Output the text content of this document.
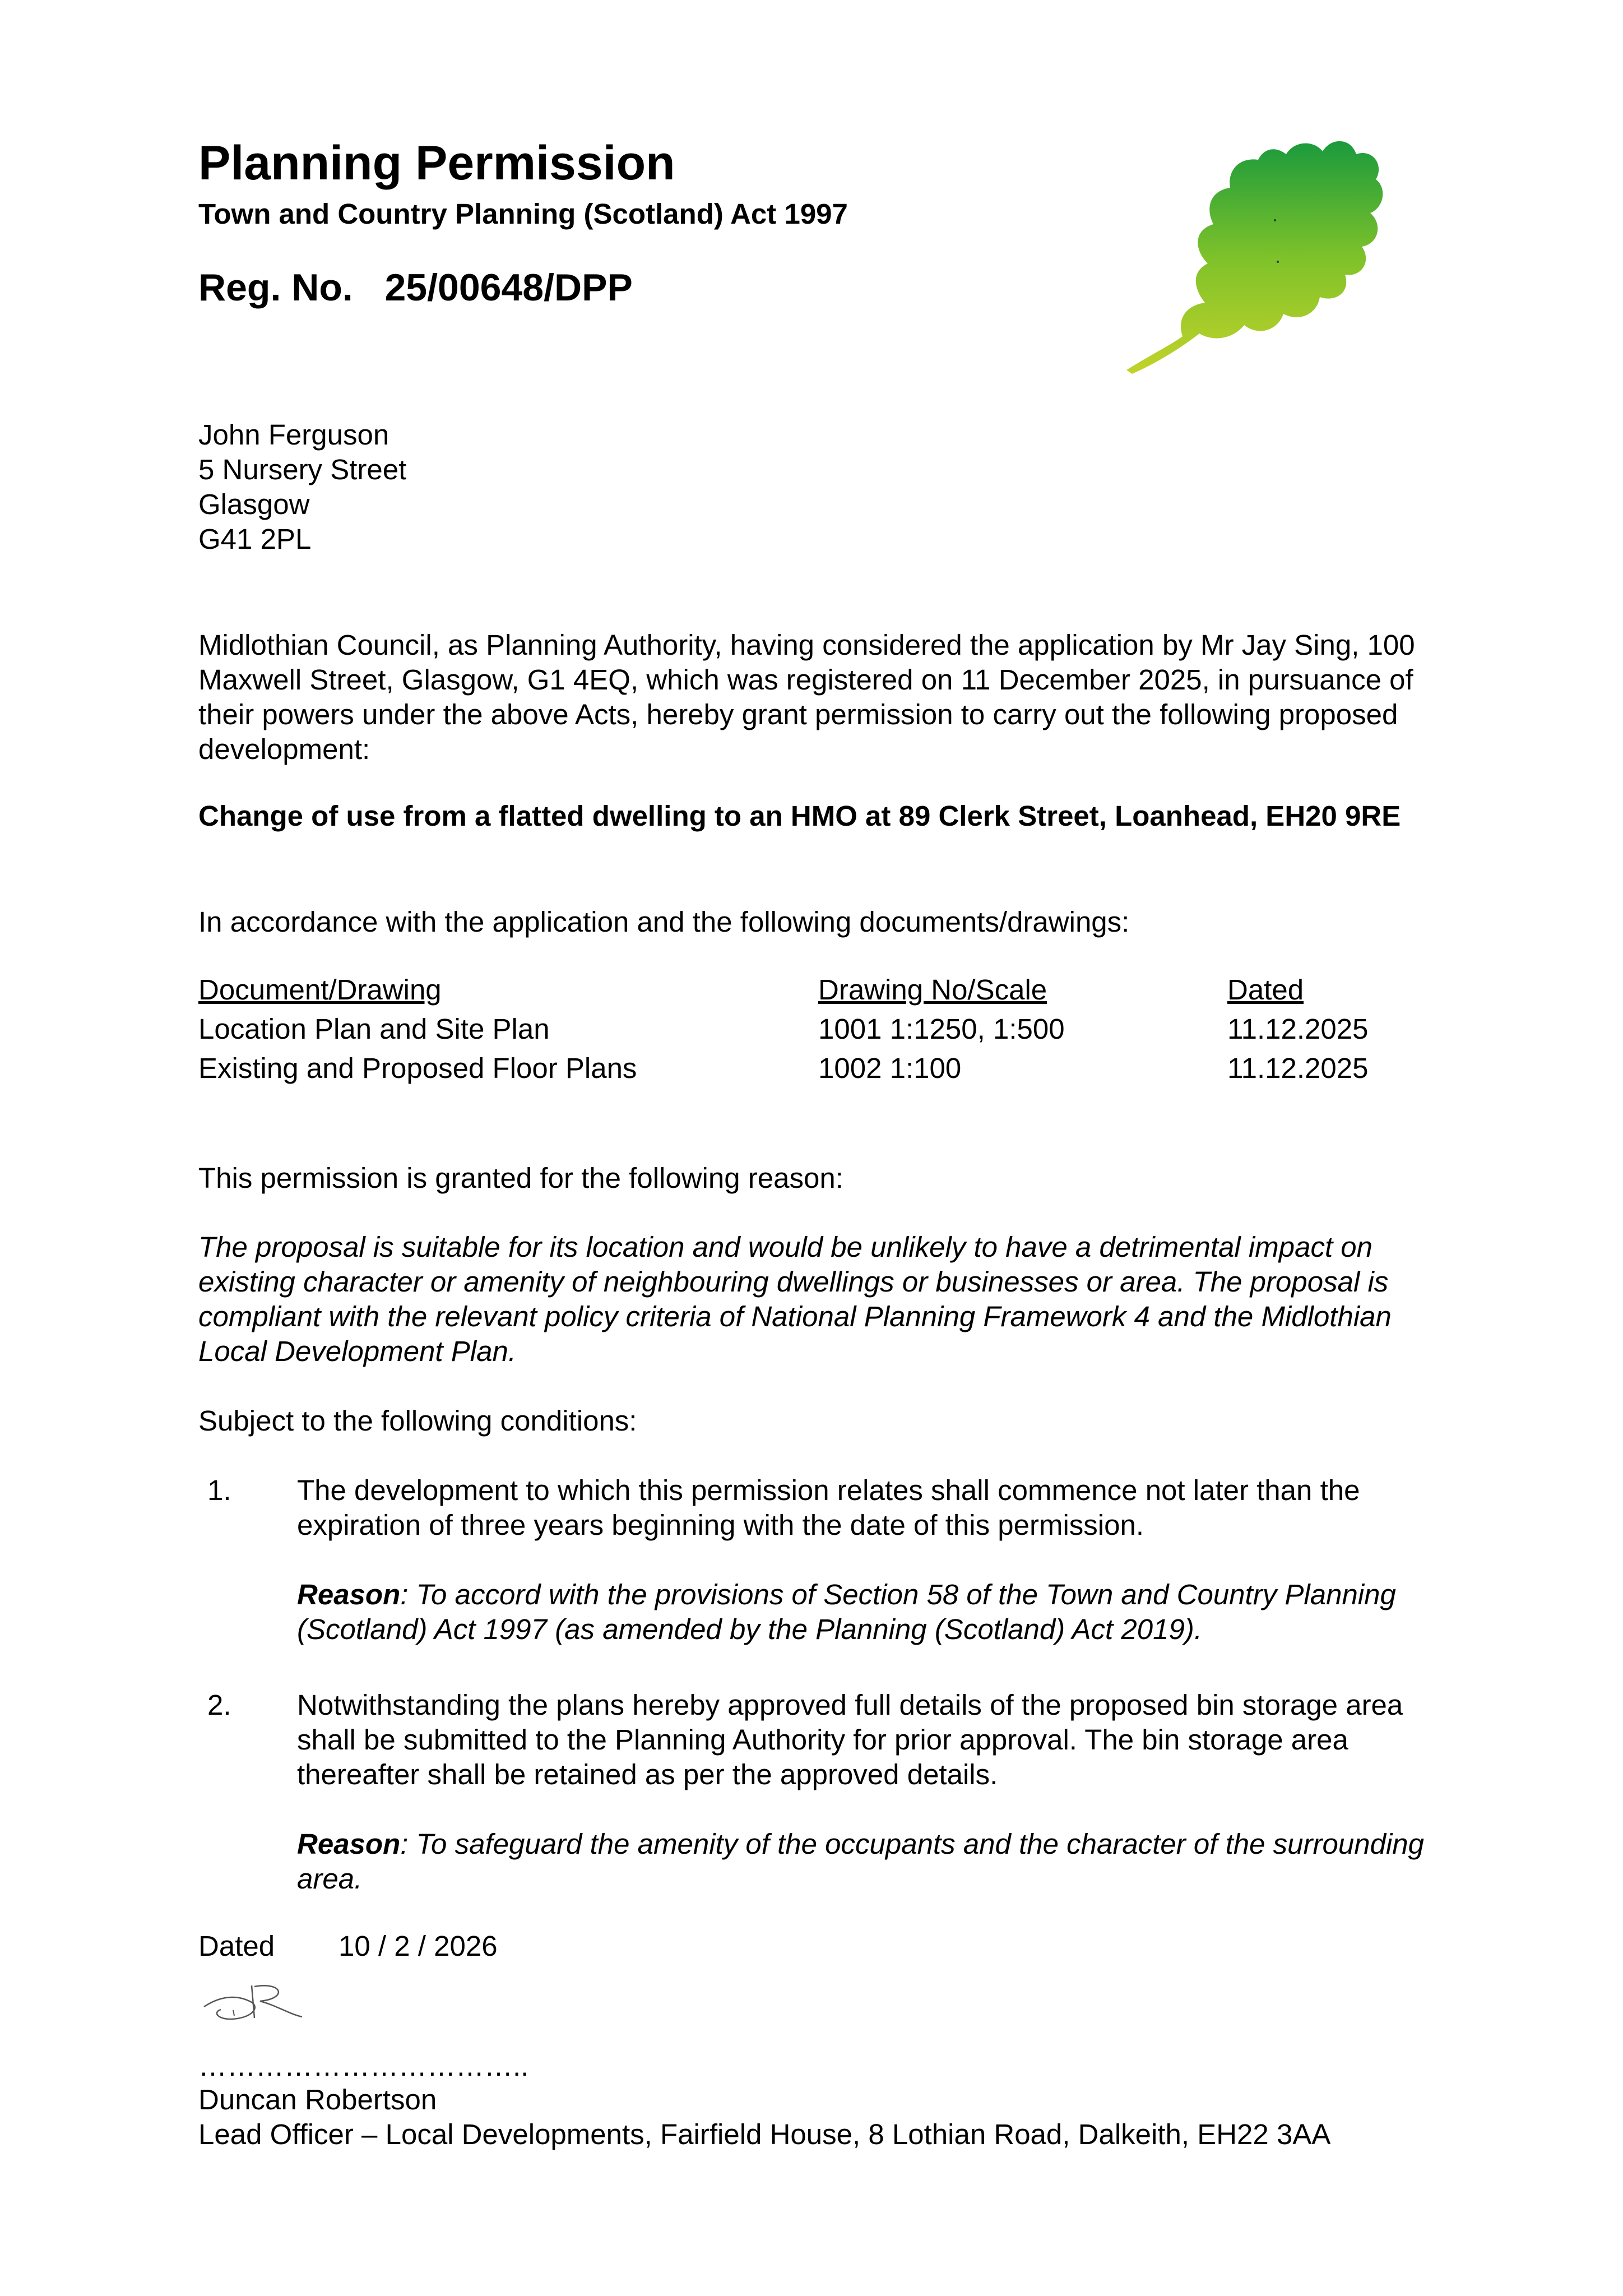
Planning Permission
Town and Country Planning (Scotland) Act 1997
Reg. No. 25/00648/DPP
John Ferguson
5 Nursery Street
Glasgow
G41 2PL
Midlothian Council, as Planning Authority, having considered the application by Mr Jay Sing, 100 Maxwell Street, Glasgow, G1 4EQ, which was registered on 11 December 2025, in pursuance of their powers under the above Acts, hereby grant permission to carry out the following proposed development:
Change of use from a flatted dwelling to an HMO at 89 Clerk Street, Loanhead, EH20 9RE
In accordance with the application and the following documents/drawings:
Document/Drawing	Drawing No/Scale	Dated
Location Plan and Site Plan	1001 1:1250, 1:500	11.12.2025
Existing and Proposed Floor Plans	1002 1:100	11.12.2025
This permission is granted for the following reason:
The proposal is suitable for its location and would be unlikely to have a detrimental impact on existing character or amenity of neighbouring dwellings or businesses or area. The proposal is compliant with the relevant policy criteria of National Planning Framework 4 and the Midlothian Local Development Plan.
Subject to the following conditions:
1. The development to which this permission relates shall commence not later than the expiration of three years beginning with the date of this permission.
Reason: To accord with the provisions of Section 58 of the Town and Country Planning (Scotland) Act 1997 (as amended by the Planning (Scotland) Act 2019).
2. Notwithstanding the plans hereby approved full details of the proposed bin storage area shall be submitted to the Planning Authority for prior approval. The bin storage area thereafter shall be retained as per the approved details.
Reason: To safeguard the amenity of the occupants and the character of the surrounding area.
Dated 10 / 2 / 2026
……………………………..
Duncan Robertson
Lead Officer – Local Developments, Fairfield House, 8 Lothian Road, Dalkeith, EH22 3AA
